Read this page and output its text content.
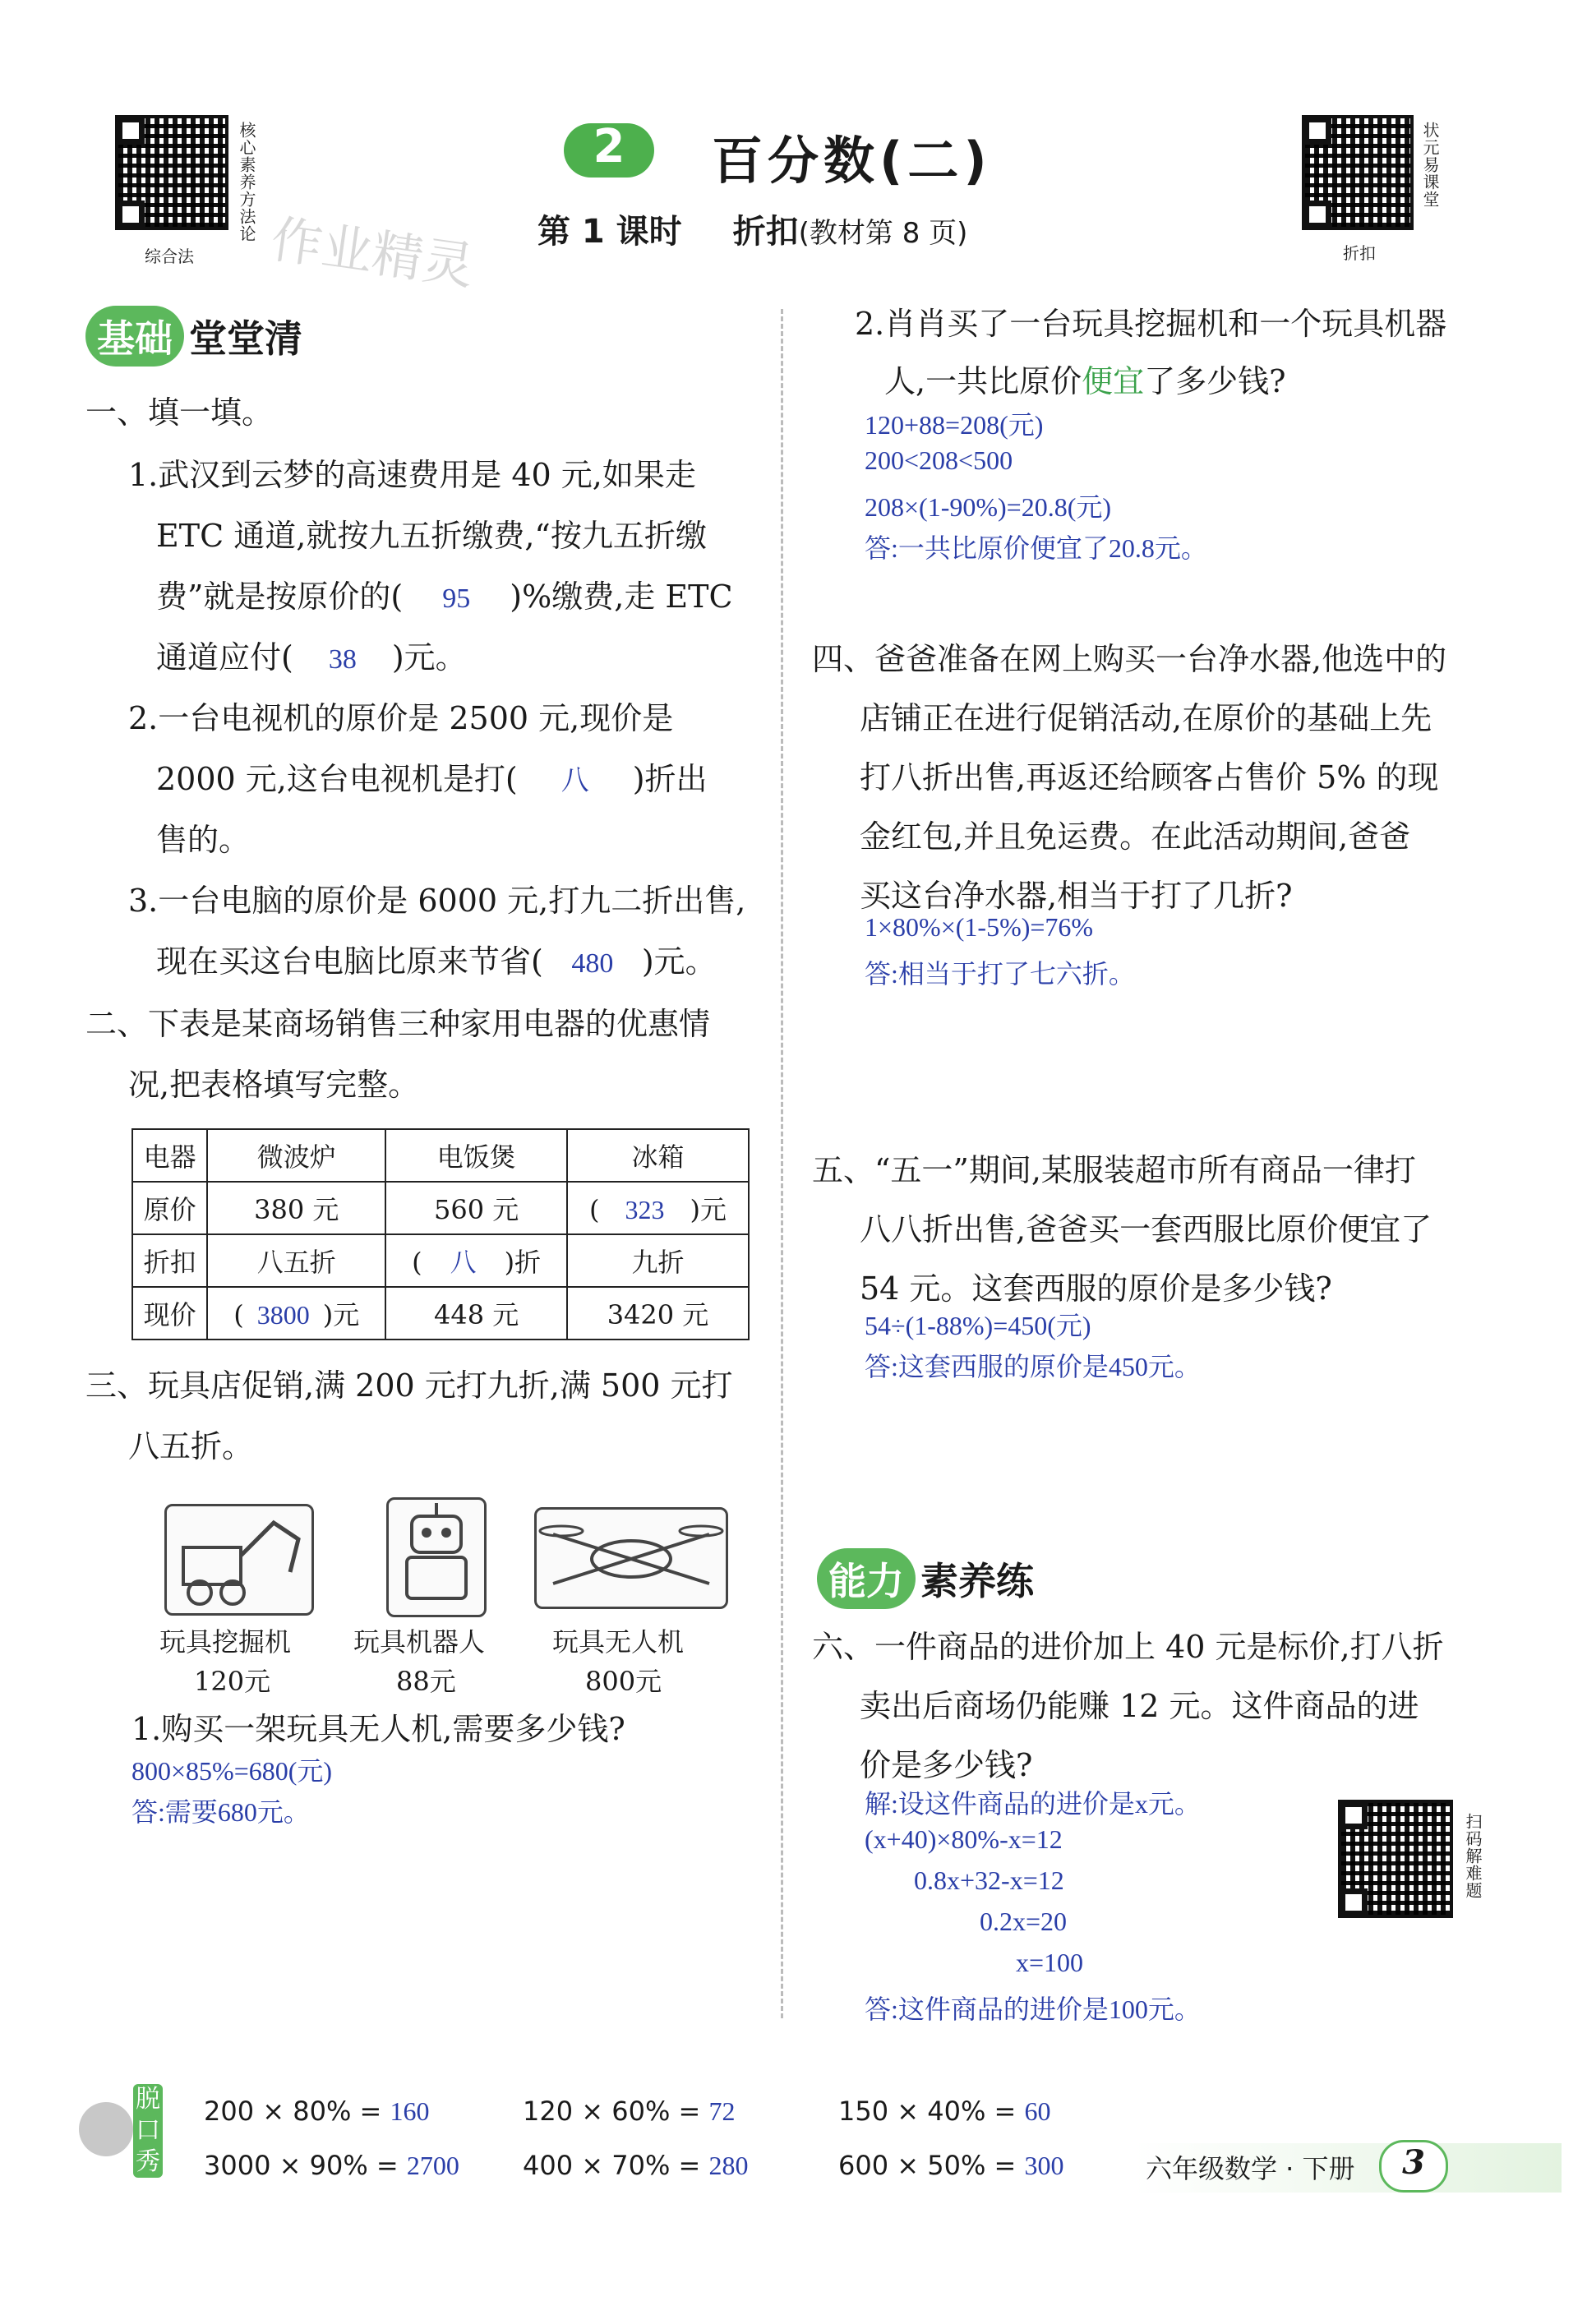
核心素养方法论
综合法 作业精灵
2	百分数(二)
第 1 课时 折扣(教材第 8 页)
状元易课堂
折扣
基础 堂堂清
一、填一填。
1.武汉到云梦的高速费用是 40 元,如果走
ETC 通道,就按九五折缴费,“按九五折缴
费”就是按原价的( 95 )%缴费,走 ETC
通道应付( 38 )元。
2.一台电视机的原价是 2500 元,现价是
2000 元,这台电视机是打( 八 )折出
售的。
3.一台电脑的原价是 6000 元,打九二折出售,
现在买这台电脑比原来节省( 480 )元。
二、下表是某商场销售三种家用电器的优惠情
况,把表格填写完整。
电器	微波炉	电饭煲	冰箱
原价	380 元	560 元	( 323 )元
折扣	八五折	( 八 )折	九折
现价	( 3800 )元	448 元	3420 元
三、玩具店促销,满 200 元打九折,满 500 元打
八五折。
玩具挖掘机
120元
玩具机器人
88元
玩具无人机
800元
1.购买一架玩具无人机,需要多少钱?
800×85%=680(元)
答:需要680元。
2.肖肖买了一台玩具挖掘机和一个玩具机器
人,一共比原价便宜了多少钱?
120+88=208(元)
200<208<500
208×(1-90%)=20.8(元)
答:一共比原价便宜了20.8元。
四、爸爸准备在网上购买一台净水器,他选中的
店铺正在进行促销活动,在原价的基础上先
打八折出售,再返还给顾客占售价 5% 的现
金红包,并且免运费。在此活动期间,爸爸
买这台净水器,相当于打了几折?
1×80%×(1-5%)=76%
答:相当于打了七六折。
五、“五一”期间,某服装超市所有商品一律打
八八折出售,爸爸买一套西服比原价便宜了
54 元。这套西服的原价是多少钱?
54÷(1-88%)=450(元)
答:这套西服的原价是450元。
能力 素养练
六、一件商品的进价加上 40 元是标价,打八折
卖出后商场仍能赚 12 元。这件商品的进
价是多少钱?
解:设这件商品的进价是x元。
(x+40)×80%-x=12
0.8x+32-x=12
0.2x=20
x=100
答:这件商品的进价是100元。
扫码解难题
脱口秀
200 × 80% = 160	120 × 60% = 72	150 × 40% = 60
3000 × 90% = 2700 400 × 70% = 280	600 × 50% = 300	六年级数学 · 下册	3
